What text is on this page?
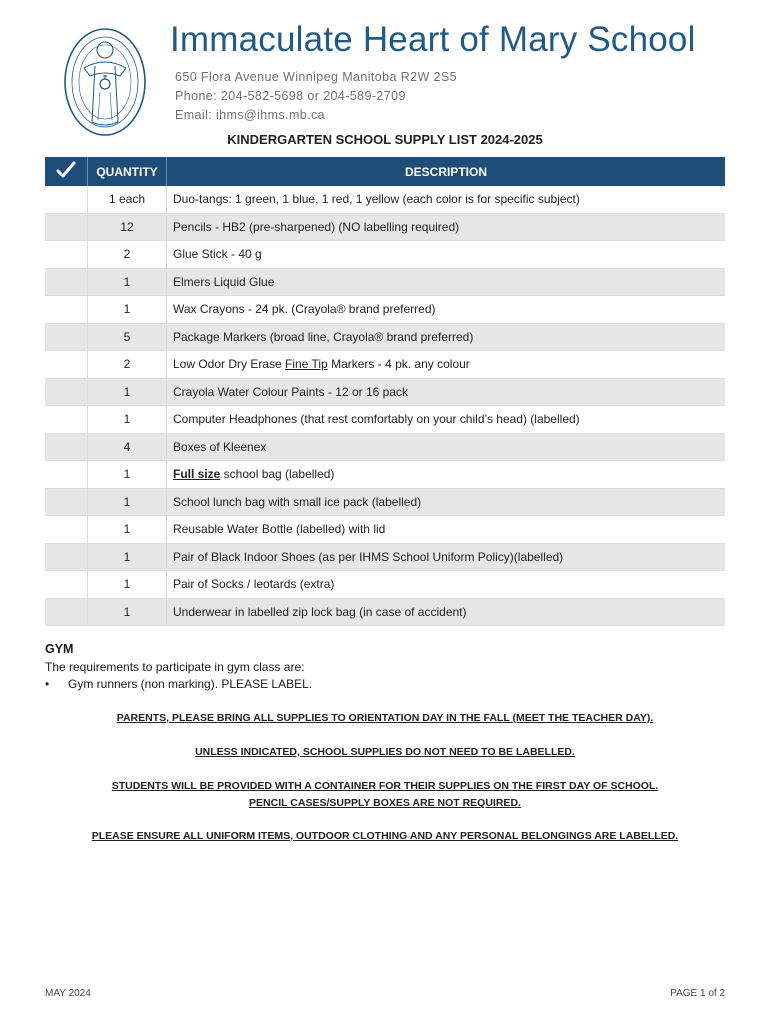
Immaculate Heart of Mary School
650 Flora Avenue Winnipeg Manitoba R2W 2S5
Phone: 204-582-5698 or 204-589-2709
Email: ihms@ihms.mb.ca
KINDERGARTEN SCHOOL SUPPLY LIST 2024-2025
	QUANTITY	DESCRIPTION
	1 each	Duo-tangs: 1 green, 1 blue, 1 red, 1 yellow (each color is for specific subject)
	12	Pencils - HB2 (pre-sharpened) (NO labelling required)
	2	Glue Stick - 40 g
	1	Elmers Liquid Glue
	1	Wax Crayons - 24 pk. (Crayola® brand preferred)
	5	Package Markers (broad line, Crayola® brand preferred)
	2	Low Odor Dry Erase Fine Tip Markers - 4 pk. any colour
	1	Crayola Water Colour Paints - 12 or 16 pack
	1	Computer Headphones (that rest comfortably on your child’s head) (labelled)
	4	Boxes of Kleenex
	1	Full size school bag (labelled)
	1	School lunch bag with small ice pack (labelled)
	1	Reusable Water Bottle (labelled) with lid
	1	Pair of Black Indoor Shoes (as per IHMS School Uniform Policy)(labelled)
	1	Pair of Socks / leotards (extra)
	1	Underwear in labelled zip lock bag (in case of accident)
GYM
The requirements to participate in gym class are:
• Gym runners (non marking). PLEASE LABEL.
PARENTS, PLEASE BRING ALL SUPPLIES TO ORIENTATION DAY IN THE FALL (MEET THE TEACHER DAY).
UNLESS INDICATED, SCHOOL SUPPLIES DO NOT NEED TO BE LABELLED.
STUDENTS WILL BE PROVIDED WITH A CONTAINER FOR THEIR SUPPLIES ON THE FIRST DAY OF SCHOOL.
PENCIL CASES/SUPPLY BOXES ARE NOT REQUIRED.
PLEASE ENSURE ALL UNIFORM ITEMS, OUTDOOR CLOTHING AND ANY PERSONAL BELONGINGS ARE LABELLED.
MAY 2024	PAGE 1 of 2
